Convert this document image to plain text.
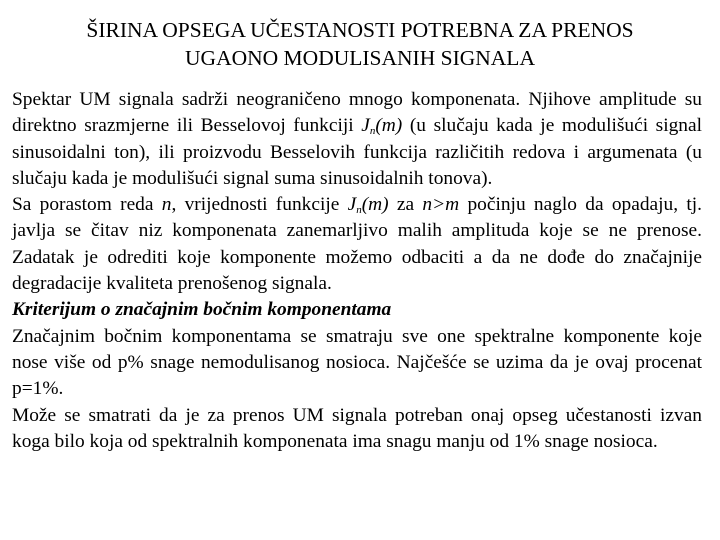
ŠIRINA OPSEGA UČESTANOSTI POTREBNA ZA PRENOS
UGAONO MODULISANIH SIGNALA

Spektar UM signala sadrži neograničeno mnogo komponenata. Njihove amplitude su direktno srazmjerne ili Besselovoj funkciji $J_n(m)$ (u slučaju kada je modulišući signal sinusoidalni ton), ili proizvodu Besselovih funkcija različitih redova i argumenata (u slučaju kada je modulišući signal suma sinusoidalnih tonova).

Sa porastom reda n, vrijednosti funkcije $J_n(m)$ za n>m počinju naglo da opadaju, tj. javlja se čitav niz komponenata zanemarljivo malih amplituda koje se ne prenose. Zadatak je odrediti koje komponente možemo odbaciti a da ne dođe do značajnije degradacije kvaliteta prenošenog signala.

Kriterijum o značajnim bočnim komponentama

Značajnim bočnim komponentama se smatraju sve one spektralne komponente koje nose više od p% snage nemodulisanog nosioca. Najčešće se uzima da je ovaj procenat p=1%.

Može se smatrati da je za prenos UM signala potreban onaj opseg učestanosti izvan koga bilo koja od spektralnih komponenata ima snagu manju od 1% snage nosioca.
